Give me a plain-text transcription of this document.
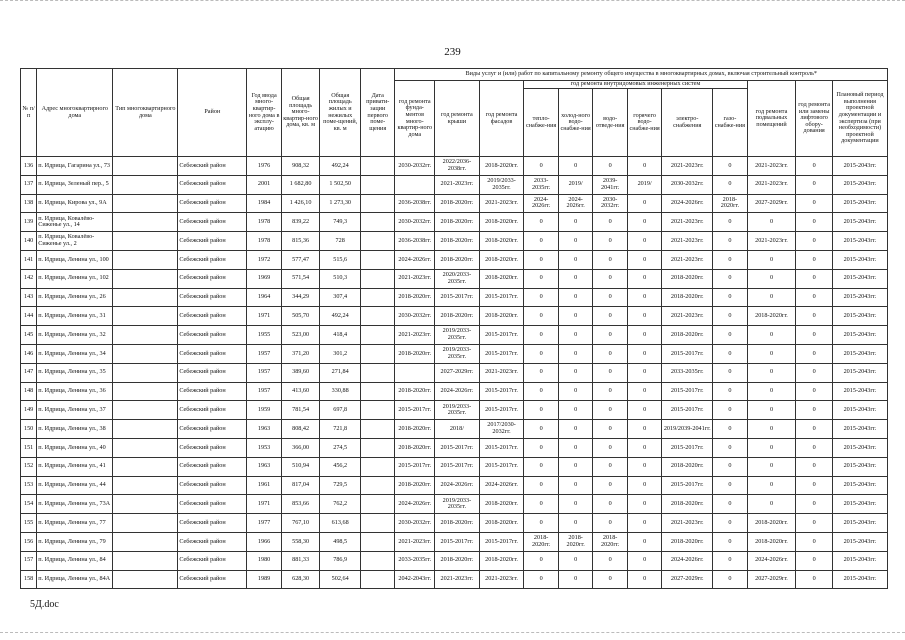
239
№ п/п	Адрес многоквартирного дома	Тип многоквартирного дома	Район	Год ввода много-квартир-ного дома в эксплу-атацию	Общая площадь много-квартир-ного дома, кв. м	Общая площадь жилых и нежилых поме-щений, кв. м	Дата привати-зации первого поме-щения	Виды услуг и (или) работ по капитальному ремонту общего имущества в многоквартирных домах, включая строительный контроль*											
								год ремонта фунда-ментов много-квартир-ного дома	год ремонта крыши	год ремонта фасадов	год ремонта внутридомовых инженерных систем						год ремонта подвальных помещений	год ремонта или замены лифтового обору-дования	Плановый период выполнения проектной документации и экспертиза (при необходимости) проектной документации
											тепло-снабже-ния	холод-ного водо-снабже-ния	водо-отведе-ния	горячего водо-снабже-ния	электро-снабжения	газо-снабже-ния			
136	п. Идрица, Гагарина ул., 73		Себежский район	1976	908,32	492,24		2030-2032гг.	2022/2036-2038гг.	2018-2020гг.	0	0	0	0	2021-2023гг.	0	2021-2023гг.	0	2015-2043гг.
137	п. Идрица, Зеленый пер., 5		Себежский район	2001	1 682,80	1 502,50			2021-2023гг.	2019/2033-2035гг.	2033-2035гг.	2019/	2039-2041гг.	2019/	2030-2032гг.	0	2021-2023гг.	0	2015-2043гг.
138	п. Идрица, Кирова ул., 9А		Себежский район	1984	1 426,10	1 273,30		2036-2038гг.	2018-2020гг.	2021-2023гг.	2024-2026гг.	2024-2026гг.	2030-2032гг.	0	2024-2026гг.	2018-2020гг.	2027-2029гг.	0	2015-2043гг.
139	п. Идрица, Ковалёво-Сиженье ул., 14		Себежский район	1978	839,22	749,3		2030-2032гг.	2018-2020гг.	2018-2020гг.	0	0	0	0	2021-2023гг.	0	0	0	2015-2043гг.
140	п. Идрица, Ковалёво-Сиженье ул., 2		Себежский район	1978	815,36	728		2036-2038гг.	2018-2020гг.	2018-2020гг.	0	0	0	0	2021-2023гг.	0	2021-2023гг.	0	2015-2043гг.
141	п. Идрица, Ленина ул., 100		Себежский район	1972	577,47	515,6		2024-2026гг.	2018-2020гг.	2018-2020гг.	0	0	0	0	2021-2023гг.	0	0	0	2015-2043гг.
142	п. Идрица, Ленина ул., 102		Себежский район	1969	571,54	510,3		2021-2023гг.	2020/2033-2035гг.	2018-2020гг.	0	0	0	0	2018-2020гг.	0	0	0	2015-2043гг.
143	п. Идрица, Ленина ул., 26		Себежский район	1964	344,29	307,4		2018-2020гг.	2015-2017гг.	2015-2017гг.	0	0	0	0	2018-2020гг.	0	0	0	2015-2043гг.
144	п. Идрица, Ленина ул., 31		Себежский район	1971	505,70	492,24		2030-2032гг.	2018-2020гг.	2018-2020гг.	0	0	0	0	2021-2023гг.	0	2018-2020гг.	0	2015-2043гг.
145	п. Идрица, Ленина ул., 32		Себежский район	1955	523,00	418,4		2021-2023гг.	2019/2033-2035гг.	2015-2017гг.	0	0	0	0	2018-2020гг.	0	0	0	2015-2043гг.
146	п. Идрица, Ленина ул., 34		Себежский район	1957	371,20	301,2		2018-2020гг.	2019/2033-2035гг.	2015-2017гг.	0	0	0	0	2015-2017гг.	0	0	0	2015-2043гг.
147	п. Идрица, Ленина ул., 35		Себежский район	1957	389,60	271,84			2027-2029гг.	2021-2023гг.	0	0	0	0	2033-2035гг.	0	0	0	2015-2043гг.
148	п. Идрица, Ленина ул., 36		Себежский район	1957	413,60	330,88		2018-2020гг.	2024-2026гг.	2015-2017гг.	0	0	0	0	2015-2017гг.	0	0	0	2015-2043гг.
149	п. Идрица, Ленина ул., 37		Себежский район	1959	781,54	697,8		2015-2017гг.	2019/2033-2035гг.	2015-2017гг.	0	0	0	0	2015-2017гг.	0	0	0	2015-2043гг.
150	п. Идрица, Ленина ул., 38		Себежский район	1963	808,42	721,8		2018-2020гг.	2018/	2017/2030-2032гг.	0	0	0	0	2019/2039-2041гг.	0	0	0	2015-2043гг.
151	п. Идрица, Ленина ул., 40		Себежский район	1953	366,00	274,5		2018-2020гг.	2015-2017гг.	2015-2017гг.	0	0	0	0	2015-2017гг.	0	0	0	2015-2043гг.
152	п. Идрица, Ленина ул., 41		Себежский район	1963	510,94	456,2		2015-2017гг.	2015-2017гг.	2015-2017гг.	0	0	0	0	2018-2020гг.	0	0	0	2015-2043гг.
153	п. Идрица, Ленина ул., 44		Себежский район	1961	817,04	729,5		2018-2020гг.	2024-2026гг.	2024-2026гг.	0	0	0	0	2015-2017гг.	0	0	0	2015-2043гг.
154	п. Идрица, Ленина ул., 73А		Себежский район	1971	853,66	762,2		2024-2026гг.	2019/2033-2035гг.	2018-2020гг.	0	0	0	0	2018-2020гг.	0	0	0	2015-2043гг.
155	п. Идрица, Ленина ул., 77		Себежский район	1977	767,10	613,68		2030-2032гг.	2018-2020гг.	2018-2020гг.	0	0	0	0	2021-2023гг.	0	2018-2020гг.	0	2015-2043гг.
156	п. Идрица, Ленина ул., 79		Себежский район	1966	558,30	498,5		2021-2023гг.	2015-2017гг.	2015-2017гг.	2018-2020гг.	2018-2020гг.	2018-2020гг.	0	2018-2020гг.	0	2018-2020гг.	0	2015-2043гг.
157	п. Идрица, Ленина ул., 84		Себежский район	1980	881,33	786,9		2033-2035гг.	2018-2020гг.	2018-2020гг.	0	0	0	0	2024-2026гг.	0	2024-2026гг.	0	2015-2043гг.
158	п. Идрица, Ленина ул., 84А		Себежский район	1989	628,30	502,64		2042-2043гг.	2021-2023гг.	2021-2023гг.	0	0	0	0	2027-2029гг.	0	2027-2029гг.	0	2015-2043гг.
5Д.doc
